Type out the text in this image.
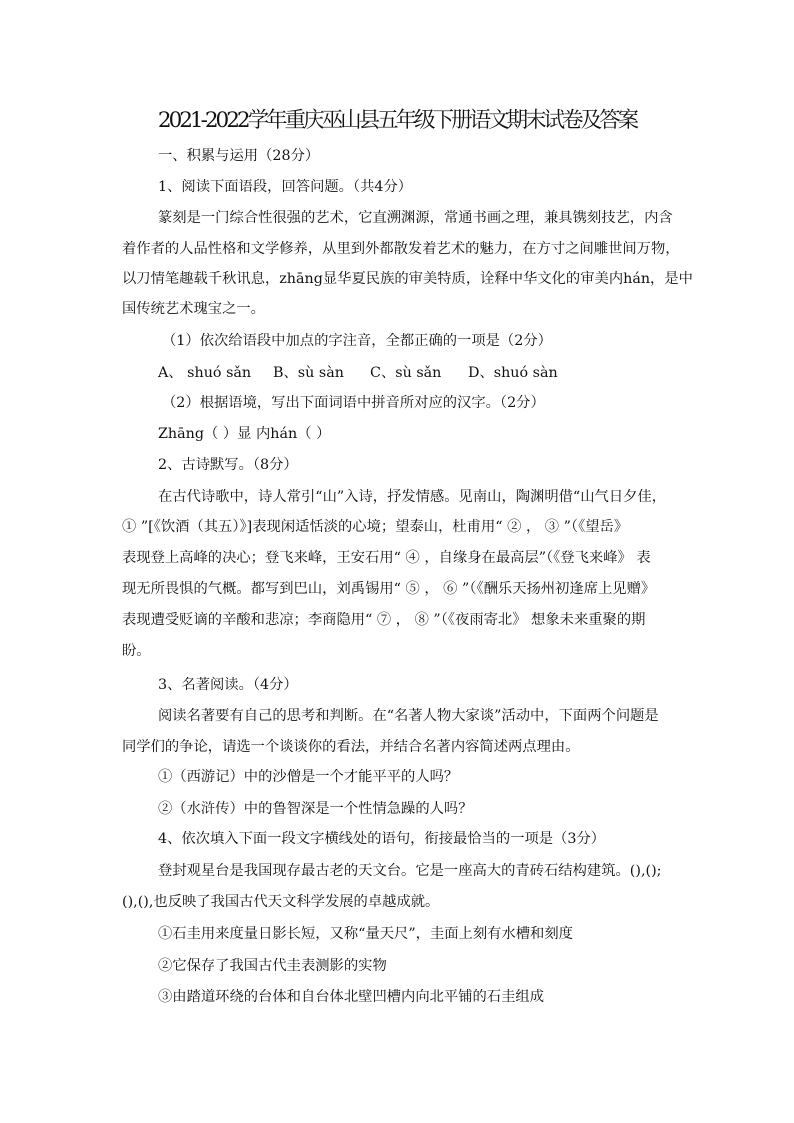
2021-2022学年重庆巫山县五年级下册语文期末试卷及答案
一、积累与运用（28分）
1、阅读下面语段，回答问题。（共4分）
篆刻是一门综合性很强的艺术，它直溯渊源，常通书画之理，兼具镌刻技艺，内含
着作者的人品性格和文学修养，从里到外都散发着艺术的魅力，在方寸之间雕世间万物，
以刀情笔趣载千秋讯息，zhāng显华夏民族的审美特质，诠释中华文化的审美内hán，是中
国传统艺术瑰宝之一。
（1）依次给语段中加点的字注音，全都正确的一项是（2分）
A、 shuó sǎn B、sù sàn C、sù sǎn D、shuó sàn
（2）根据语境，写出下面词语中拼音所对应的汉字。（2分）
Zhāng（ ）显 内hán（ ）
2、古诗默写。（8分）
在古代诗歌中，诗人常引“山”入诗，抒发情感。见南山，陶渊明借“山气日夕佳，
① ”[《饮酒（其五）》]表现闲适恬淡的心境；望泰山，杜甫用“ ② ， ③ ”（《望岳》
表现登上高峰的决心；登飞来峰，王安石用“ ④ ，自缘身在最高层”（《登飞来峰》 表
现无所畏惧的气概。都写到巴山，刘禹锡用“ ⑤ ， ⑥ ”（《酬乐天扬州初逢席上见赠》
表现遭受贬谪的辛酸和悲凉；李商隐用“ ⑦ ， ⑧ ”（《夜雨寄北》 想象未来重聚的期
盼。
3、名著阅读。（4分）
阅读名著要有自己的思考和判断。在“名著人物大家谈”活动中，下面两个问题是
同学们的争论，请选一个谈谈你的看法，并结合名著内容简述两点理由。
①（西游记）中的沙僧是一个才能平平的人吗？
②（水浒传）中的鲁智深是一个性情急躁的人吗？
4、依次填入下面一段文字横线处的语句，衔接最恰当的一项是（3分）
登封观星台是我国现存最古老的天文台。它是一座高大的青砖石结构建筑。(),();
(),(),也反映了我国古代天文科学发展的卓越成就。
①石圭用来度量日影长短，又称“量天尺”，圭面上刻有水槽和刻度
②它保存了我国古代圭表测影的实物
③由踏道环绕的台体和自台体北壁凹槽内向北平铺的石圭组成
